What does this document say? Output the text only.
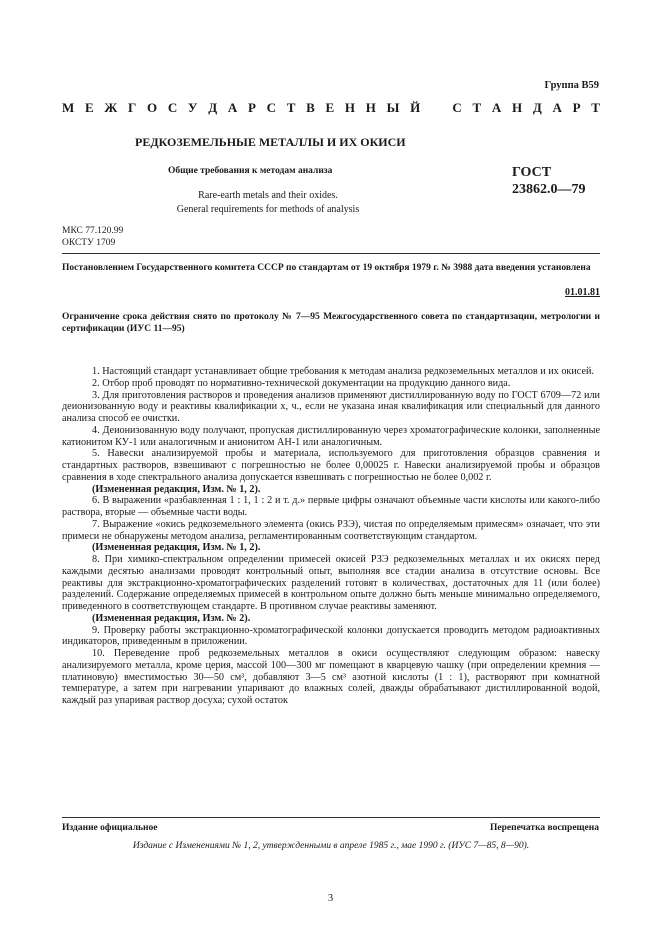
Группа В59
М Е Ж Г О С У Д А Р С Т В Е Н Н Ы Й С Т А Н Д А Р Т
РЕДКОЗЕМЕЛЬНЫЕ МЕТАЛЛЫ И ИХ ОКИСИ
Общие требования к методам анализа	ГОСТ
23862.0—79
Rare-earth metals and their oxides.
General requirements for methods of analysis
МКС 77.120.99
ОКСТУ 1709
Постановлением Государственного комитета СССР по стандартам от 19 октября 1979 г. № 3988 дата введения установлена
01.01.81
Ограничение срока действия снято по протоколу № 7—95 Межгосударственного совета по стандартизации, метрологии и сертификации (ИУС 11—95)

1. Настоящий стандарт устанавливает общие требования к методам анализа редкоземельных металлов и их окисей.

2. Отбор проб проводят по нормативно-технической документации на продукцию данного вида.

3. Для приготовления растворов и проведения анализов применяют дистиллированную воду по ГОСТ 6709—72 или деионизованную воду и реактивы квалификации х, ч., если не указана иная квалификация или специальный для данного анализа способ ее очистки.

4. Деионизованную воду получают, пропуская дистиллированную через хроматографические колонки, заполненные катионитом КУ-1 или аналогичным и анионитом АН-1 или аналогичным.

5. Навески анализируемой пробы и материала, используемого для приготовления образцов сравнения и стандартных растворов, взвешивают с погрешностью не более 0,00025 г. Навески анализируемой пробы и образцов сравнения в ходе спектрального анализа допускается взвешивать с погрешностью не более 0,002 г.

(Измененная редакция, Изм. № 1, 2).

6. В выражении «разбавленная 1 : 1, 1 : 2 и т. д.» первые цифры означают объемные части кислоты или какого-либо раствора, вторые — объемные части воды.

7. Выражение «окись редкоземельного элемента (окись РЗЭ), чистая по определяемым примесям» означает, что эти примеси не обнаружены методом анализа, регламентированным соответствующим стандартом.

(Измененная редакция, Изм. № 1, 2).

8. При химико-спектральном определении примесей окисей РЗЭ редкоземельных металлах и их окисях перед каждыми десятью анализами проводят контрольный опыт, выполняя все стадии анализа в отсутствие основы. Все реактивы для экстракционно-хроматографических разделений готовят в количествах, достаточных для 11 (или более) разделений. Содержание определяемых примесей в контрольном опыте должно быть меньше минимально определяемого, приведенного в соответствующем стандарте. В противном случае реактивы заменяют.

(Измененная редакция, Изм. № 2).

9. Проверку работы экстракционно-хроматографической колонки допускается проводить методом радиоактивных индикаторов, приведенным в приложении.

10. Переведение проб редкоземельных металлов в окиси осуществляют следующим образом: навеску анализируемого металла, кроме церия, массой 100—300 мг помещают в кварцевую чашку (при определении кремния — платиновую) вместимостью 30—50 см³, добавляют 3—5 см³ азотной кислоты (1 : 1), растворяют при комнатной температуре, а затем при нагревании упаривают до влажных солей, дважды обрабатывают дистиллированной водой, каждый раз упаривая раствор досуха; сухой остаток

Издание официальное	Перепечатка воспрещена
Издание с Изменениями № 1, 2, утвержденными в апреле 1985 г., мае 1990 г. (ИУС 7—85, 8—90).
3
